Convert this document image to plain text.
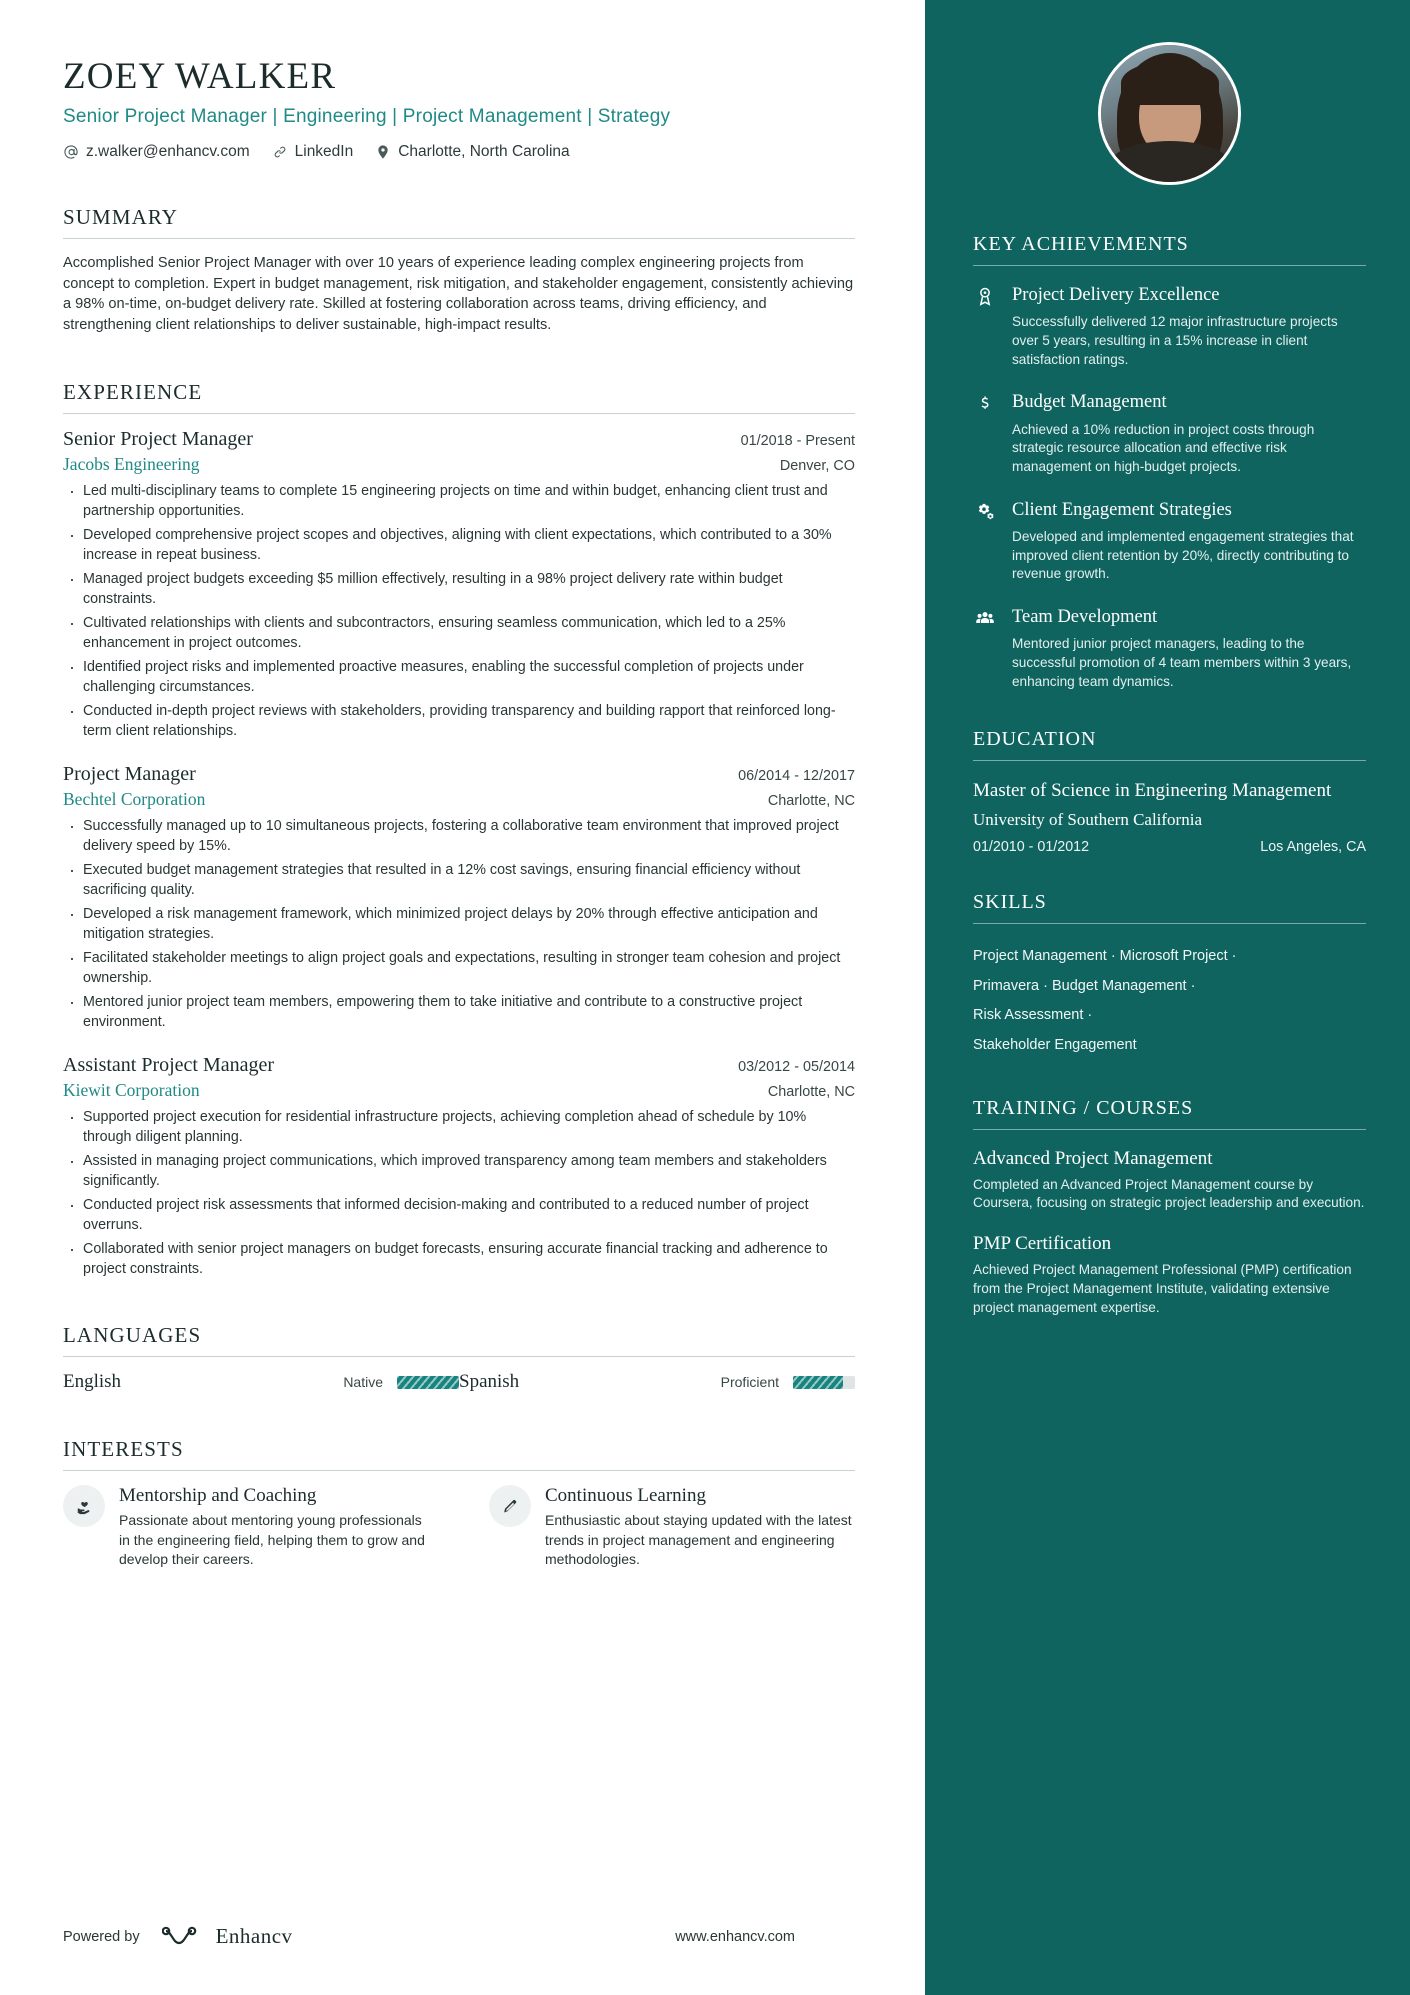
ZOEY WALKER
Senior Project Manager | Engineering | Project Management | Strategy
z.walker@enhancv.com	LinkedIn	Charlotte, North Carolina
SUMMARY
Accomplished Senior Project Manager with over 10 years of experience leading complex engineering projects from concept to completion. Expert in budget management, risk mitigation, and stakeholder engagement, consistently achieving a 98% on-time, on-budget delivery rate. Skilled at fostering collaboration across teams, driving efficiency, and strengthening client relationships to deliver sustainable, high-impact results.
EXPERIENCE
Senior Project Manager	01/2018 - Present
Jacobs Engineering	Denver, CO
· Led multi-disciplinary teams to complete 15 engineering projects on time and within budget, enhancing client trust and partnership opportunities.
· Developed comprehensive project scopes and objectives, aligning with client expectations, which contributed to a 30% increase in repeat business.
· Managed project budgets exceeding $5 million effectively, resulting in a 98% project delivery rate within budget constraints.
· Cultivated relationships with clients and subcontractors, ensuring seamless communication, which led to a 25% enhancement in project outcomes.
· Identified project risks and implemented proactive measures, enabling the successful completion of projects under challenging circumstances.
· Conducted in-depth project reviews with stakeholders, providing transparency and building rapport that reinforced long-term client relationships.
Project Manager	06/2014 - 12/2017
Bechtel Corporation	Charlotte, NC
· Successfully managed up to 10 simultaneous projects, fostering a collaborative team environment that improved project delivery speed by 15%.
· Executed budget management strategies that resulted in a 12% cost savings, ensuring financial efficiency without sacrificing quality.
· Developed a risk management framework, which minimized project delays by 20% through effective anticipation and mitigation strategies.
· Facilitated stakeholder meetings to align project goals and expectations, resulting in stronger team cohesion and project ownership.
· Mentored junior project team members, empowering them to take initiative and contribute to a constructive project environment.
Assistant Project Manager	03/2012 - 05/2014
Kiewit Corporation	Charlotte, NC
· Supported project execution for residential infrastructure projects, achieving completion ahead of schedule by 10% through diligent planning.
· Assisted in managing project communications, which improved transparency among team members and stakeholders significantly.
· Conducted project risk assessments that informed decision-making and contributed to a reduced number of project overruns.
· Collaborated with senior project managers on budget forecasts, ensuring accurate financial tracking and adherence to project constraints.
LANGUAGES
English	Native	Spanish	Proficient
INTERESTS
Mentorship and Coaching
Passionate about mentoring young professionals in the engineering field, helping them to grow and develop their careers.
Continuous Learning
Enthusiastic about staying updated with the latest trends in project management and engineering methodologies.
Powered by	Enhancv	www.enhancv.com
KEY ACHIEVEMENTS
Project Delivery Excellence
Successfully delivered 12 major infrastructure projects over 5 years, resulting in a 15% increase in client satisfaction ratings.
Budget Management
Achieved a 10% reduction in project costs through strategic resource allocation and effective risk management on high-budget projects.
Client Engagement Strategies
Developed and implemented engagement strategies that improved client retention by 20%, directly contributing to revenue growth.
Team Development
Mentored junior project managers, leading to the successful promotion of 4 team members within 3 years, enhancing team dynamics.
EDUCATION
Master of Science in Engineering Management
University of Southern California
01/2010 - 01/2012	Los Angeles, CA
SKILLS
Project Management · Microsoft Project ·
Primavera · Budget Management ·
Risk Assessment ·
Stakeholder Engagement
TRAINING / COURSES
Advanced Project Management
Completed an Advanced Project Management course by Coursera, focusing on strategic project leadership and execution.
PMP Certification
Achieved Project Management Professional (PMP) certification from the Project Management Institute, validating extensive project management expertise.
